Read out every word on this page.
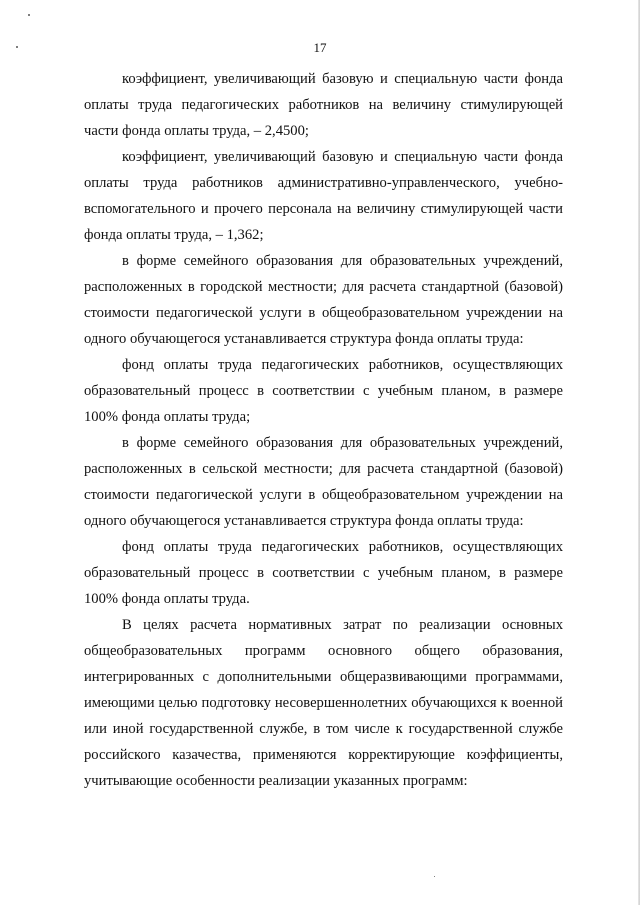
17

коэффициент, увеличивающий базовую и специальную части фонда оплаты труда педагогических работников на величину стимулирующей части фонда оплаты труда, – 2,4500;

коэффициент, увеличивающий базовую и специальную части фонда оплаты труда работников административно-управленческого, учебно-вспомогательного и прочего персонала на величину стимулирующей части фонда оплаты труда, – 1,362;

в форме семейного образования для образовательных учреждений, расположенных в городской местности; для расчета стандартной (базовой) стоимости педагогической услуги в общеобразовательном учреждении на одного обучающегося устанавливается структура фонда оплаты труда:

фонд оплаты труда педагогических работников, осуществляющих образовательный процесс в соответствии с учебным планом, в размере 100% фонда оплаты труда;

в форме семейного образования для образовательных учреждений, расположенных в сельской местности; для расчета стандартной (базовой) стоимости педагогической услуги в общеобразовательном учреждении на одного обучающегося устанавливается структура фонда оплаты труда:

фонд оплаты труда педагогических работников, осуществляющих образовательный процесс в соответствии с учебным планом, в размере 100% фонда оплаты труда.

В целях расчета нормативных затрат по реализации основных общеобразовательных программ основного общего образования, интегрированных с дополнительными общеразвивающими программами, имеющими целью подготовку несовершеннолетних обучающихся к военной или иной государственной службе, в том числе к государственной службе российского казачества, применяются корректирующие коэффициенты, учитывающие особенности реализации указанных программ:
